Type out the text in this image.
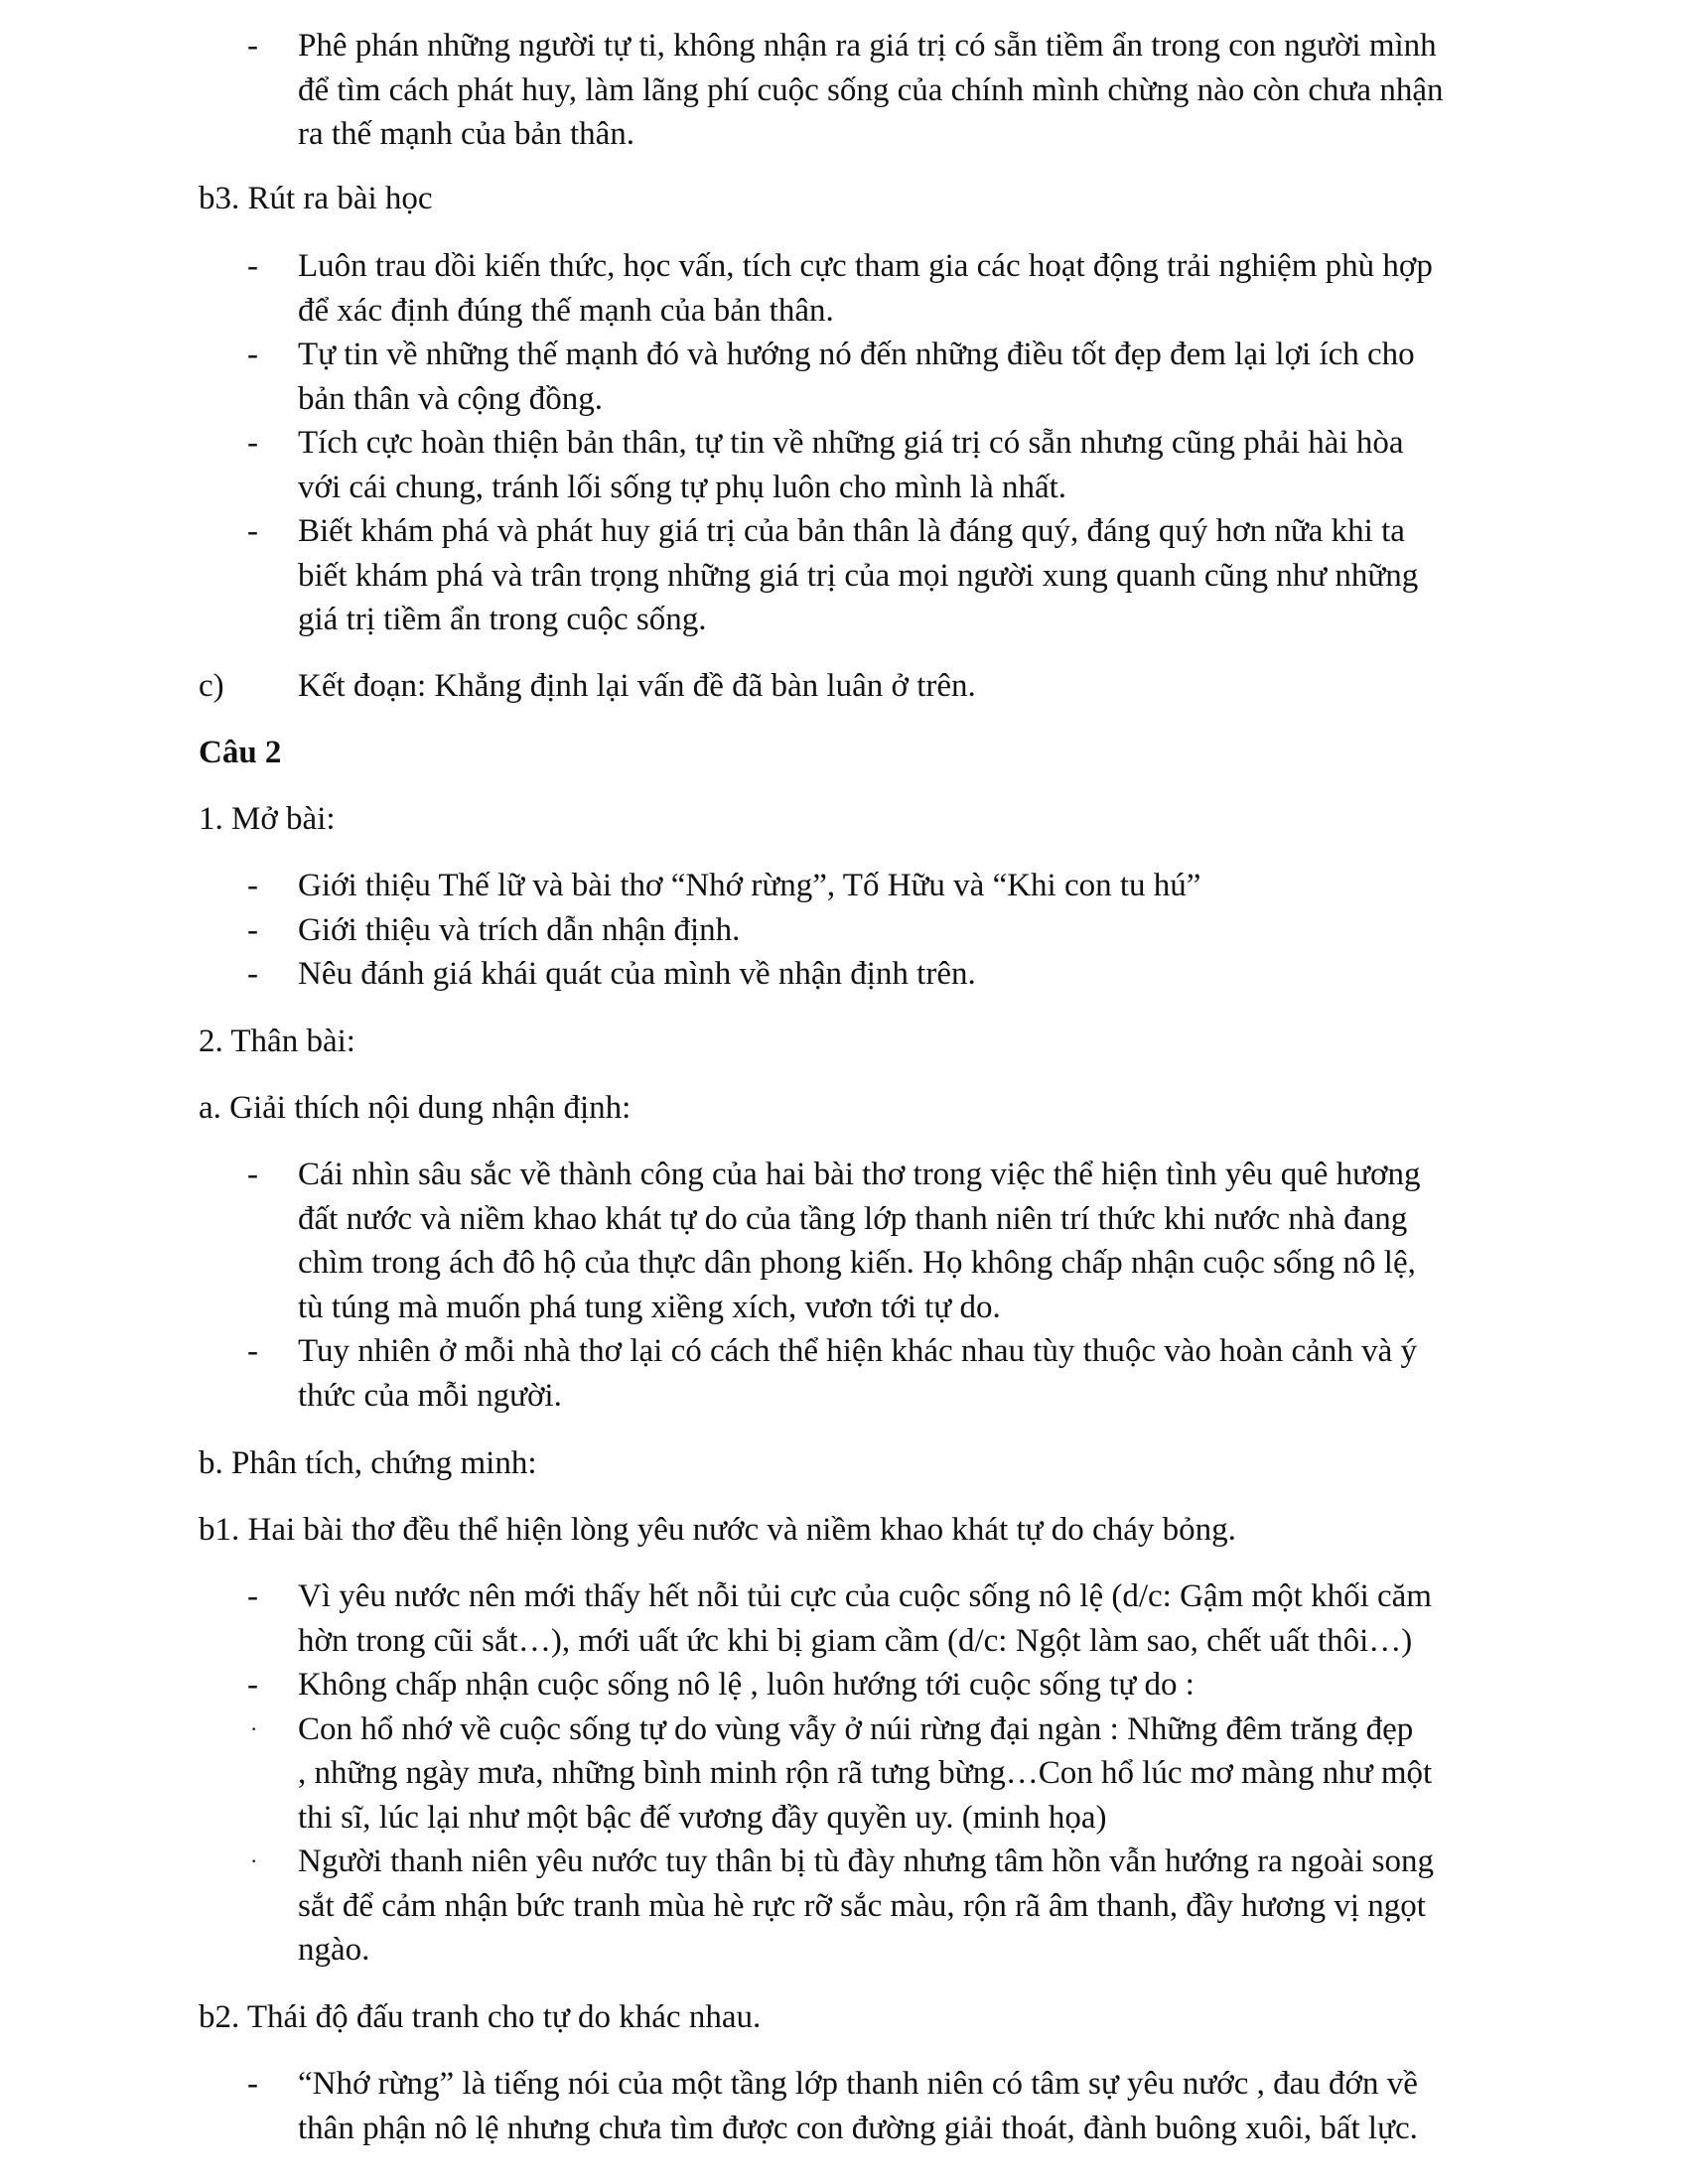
- Phê phán những người tự ti, không nhận ra giá trị có sẵn tiềm ẩn trong con người mình
để tìm cách phát huy, làm lãng phí cuộc sống của chính mình chừng nào còn chưa nhận
ra thế mạnh của bản thân.
b3. Rút ra bài học
- Luôn trau dồi kiến thức, học vấn, tích cực tham gia các hoạt động trải nghiệm phù hợp
để xác định đúng thế mạnh của bản thân.
- Tự tin về những thế mạnh đó và hướng nó đến những điều tốt đẹp đem lại lợi ích cho
bản thân và cộng đồng.
- Tích cực hoàn thiện bản thân, tự tin về những giá trị có sẵn nhưng cũng phải hài hòa
với cái chung, tránh lối sống tự phụ luôn cho mình là nhất.
- Biết khám phá và phát huy giá trị của bản thân là đáng quý, đáng quý hơn nữa khi ta
biết khám phá và trân trọng những giá trị của mọi người xung quanh cũng như những
giá trị tiềm ẩn trong cuộc sống.
c) Kết đoạn: Khẳng định lại vấn đề đã bàn luân ở trên.
Câu 2
1. Mở bài:
- Giới thiệu Thế lữ và bài thơ “Nhớ rừng”, Tố Hữu và “Khi con tu hú”
- Giới thiệu và trích dẫn nhận định.
- Nêu đánh giá khái quát của mình về nhận định trên.
2. Thân bài:
a. Giải thích nội dung nhận định:
- Cái nhìn sâu sắc về thành công của hai bài thơ trong việc thể hiện tình yêu quê hương
đất nước và niềm khao khát tự do của tầng lớp thanh niên trí thức khi nước nhà đang
chìm trong ách đô hộ của thực dân phong kiến. Họ không chấp nhận cuộc sống nô lệ,
tù túng mà muốn phá tung xiềng xích, vươn tới tự do.
- Tuy nhiên ở mỗi nhà thơ lại có cách thể hiện khác nhau tùy thuộc vào hoàn cảnh và ý
thức của mỗi người.
b. Phân tích, chứng minh:
b1. Hai bài thơ đều thể hiện lòng yêu nước và niềm khao khát tự do cháy bỏng.
- Vì yêu nước nên mới thấy hết nỗi tủi cực của cuộc sống nô lệ (d/c: Gậm một khối căm
hờn trong cũi sắt…), mới uất ức khi bị giam cầm (d/c: Ngột làm sao, chết uất thôi…)
- Không chấp nhận cuộc sống nô lệ , luôn hướng tới cuộc sống tự do :
· Con hổ nhớ về cuộc sống tự do vùng vẫy ở núi rừng đại ngàn : Những đêm trăng đẹp
, những ngày mưa, những bình minh rộn rã tưng bừng…Con hổ lúc mơ màng như một
thi sĩ, lúc lại như một bậc đế vương đầy quyền uy. (minh họa)
· Người thanh niên yêu nước tuy thân bị tù đày nhưng tâm hồn vẫn hướng ra ngoài song
sắt để cảm nhận bức tranh mùa hè rực rỡ sắc màu, rộn rã âm thanh, đầy hương vị ngọt
ngào.
b2. Thái độ đấu tranh cho tự do khác nhau.
- “Nhớ rừng” là tiếng nói của một tầng lớp thanh niên có tâm sự yêu nước , đau đớn về
thân phận nô lệ nhưng chưa tìm được con đường giải thoát, đành buông xuôi, bất lực.
